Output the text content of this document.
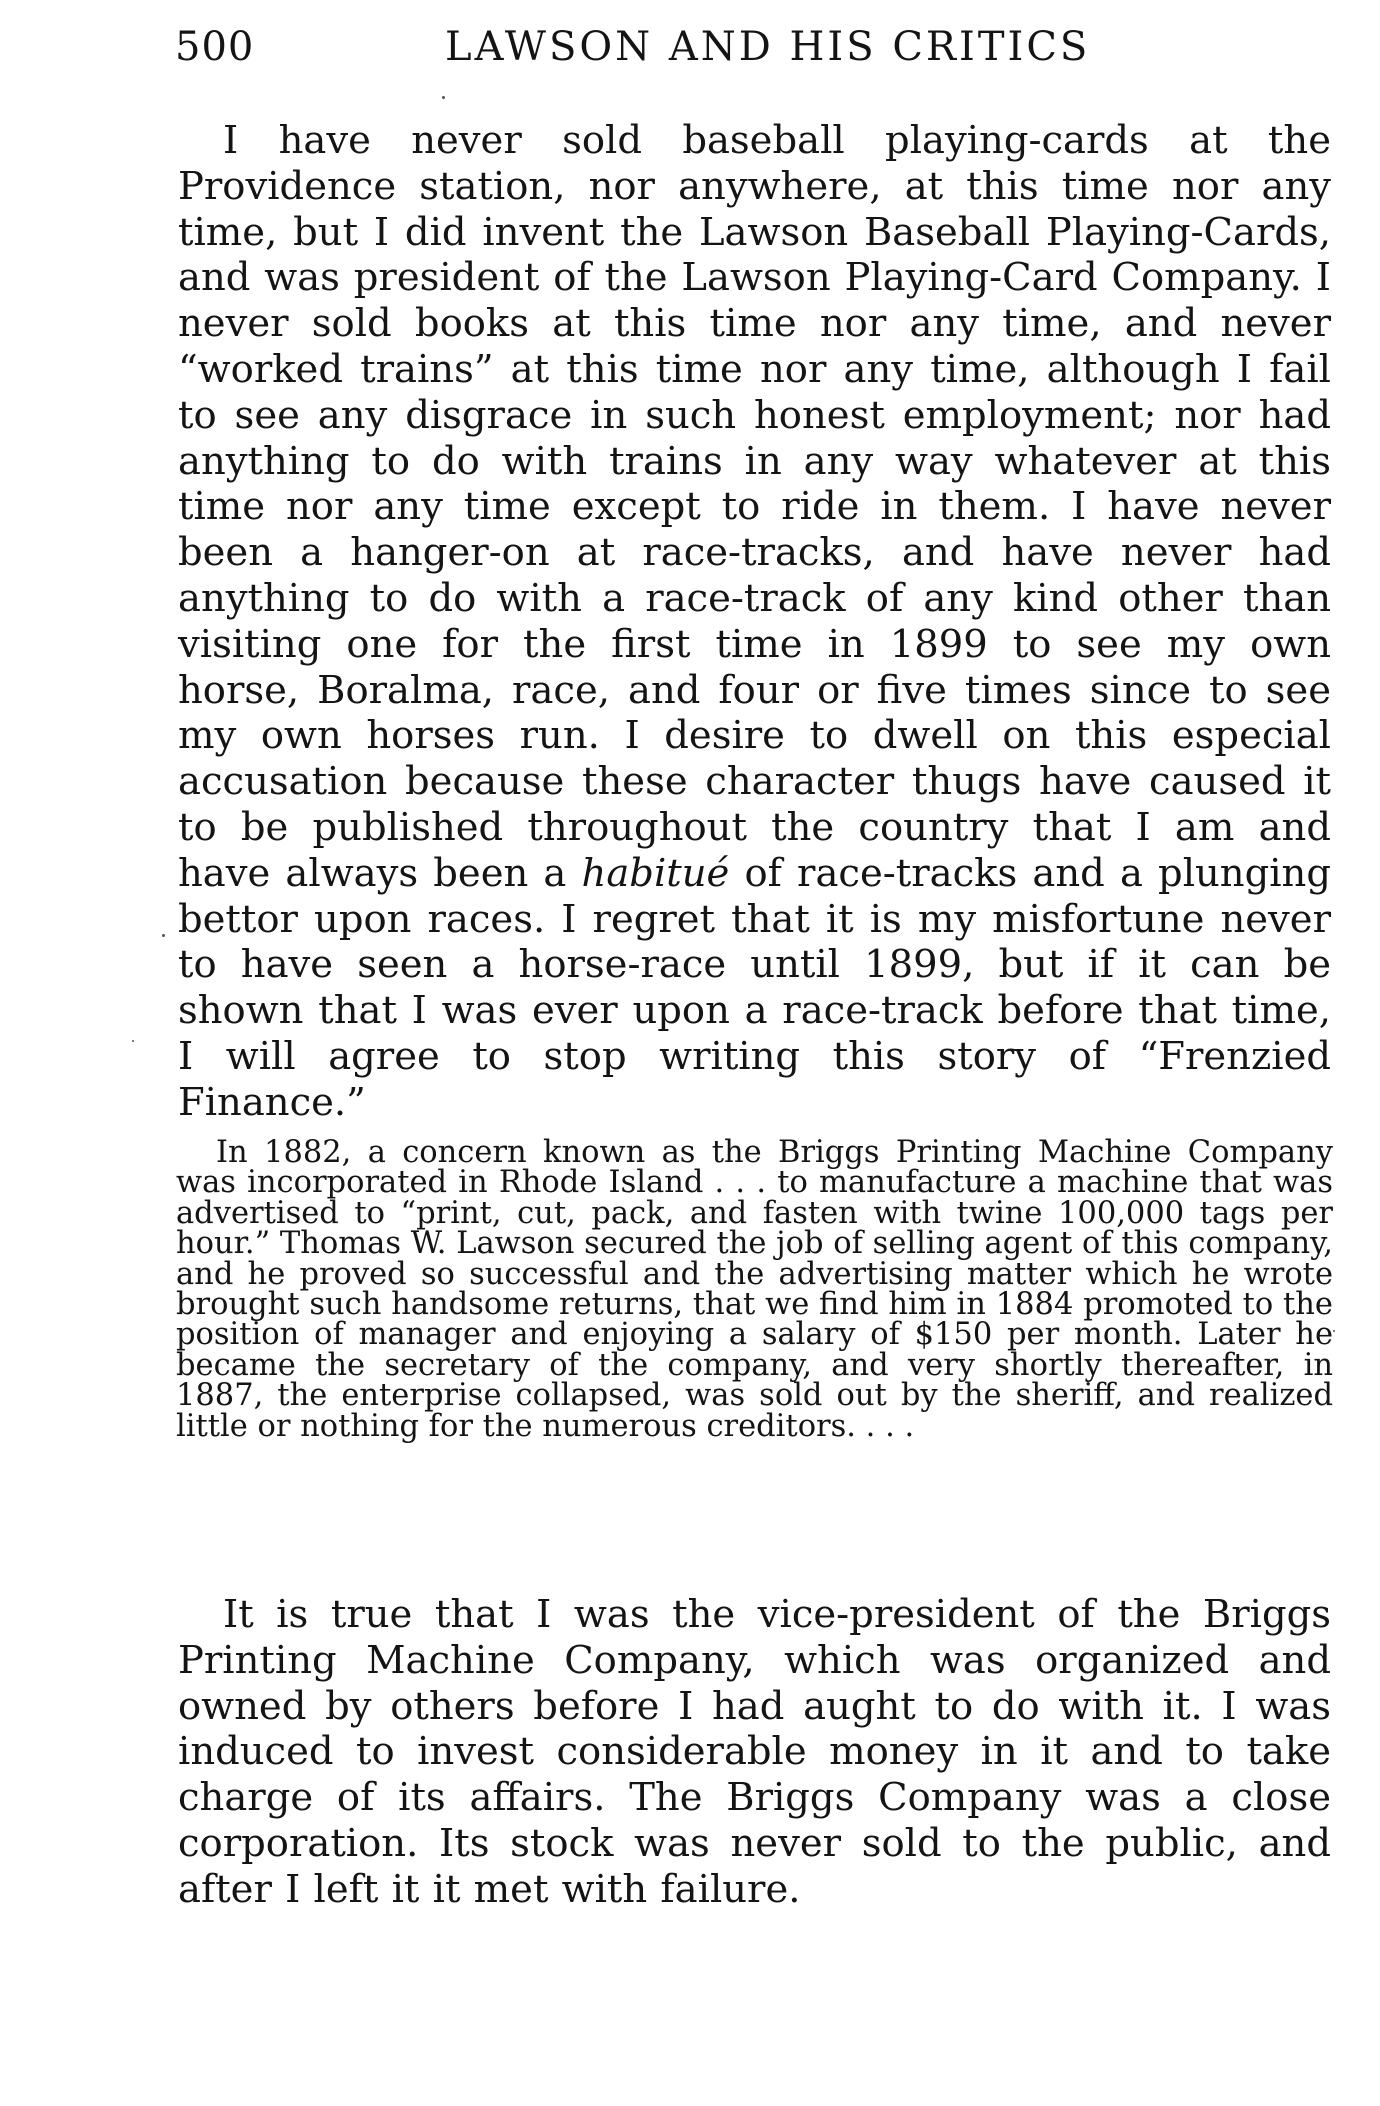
500	LAWSON AND HIS CRITICS

I have never sold baseball playing-cards at the Providence station, nor anywhere, at this time nor any time, but I did invent the Lawson Baseball Playing-Cards, and was president of the Lawson Playing-Card Company. I never sold books at this time nor any time, and never “worked trains” at this time nor any time, although I fail to see any disgrace in such honest employment; nor had anything to do with trains in any way whatever at this time nor any time except to ride in them. I have never been a hanger-on at race-tracks, and have never had anything to do with a race-track of any kind other than visiting one for the first time in 1899 to see my own horse, Boralma, race, and four or five times since to see my own horses run. I desire to dwell on this especial accusation because these character thugs have caused it to be published throughout the country that I am and have always been a habitué of race-tracks and a plunging bettor upon races. I regret that it is my misfortune never to have seen a horse-race until 1899, but if it can be shown that I was ever upon a race-track before that time, I will agree to stop writing this story of “Frenzied Finance.”

In 1882, a concern known as the Briggs Printing Machine Company was incorporated in Rhode Island . . . to manufacture a machine that was advertised to “print, cut, pack, and fasten with twine 100,000 tags per hour.” Thomas W. Lawson secured the job of selling agent of this company, and he proved so successful and the advertising matter which he wrote brought such handsome returns, that we find him in 1884 promoted to the position of manager and enjoying a salary of $150 per month. Later he became the secretary of the company, and very shortly thereafter, in 1887, the enterprise collapsed, was sold out by the sheriff, and realized little or nothing for the numerous creditors. . . .

It is true that I was the vice-president of the Briggs Printing Machine Company, which was organized and owned by others before I had aught to do with it. I was induced to invest considerable money in it and to take charge of its affairs. The Briggs Company was a close corporation. Its stock was never sold to the public, and after I left it it met with failure.
